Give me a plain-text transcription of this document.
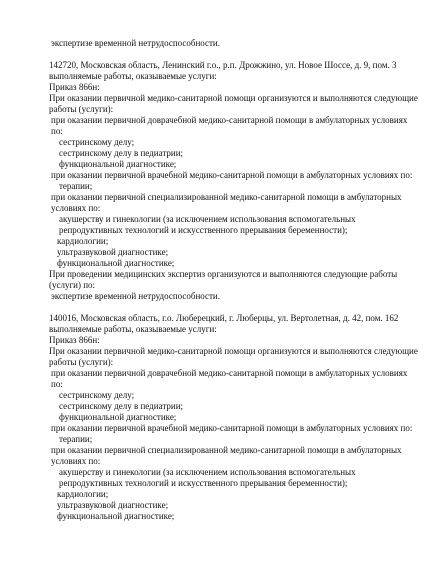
экспертизе временной нетрудоспособности.
142720, Московская область, Ленинский г.о., р.п. Дрожжино, ул. Новое Шоссе, д. 9, пом. 3
выполняемые работы, оказываемые услуги:
Приказ 866н:
При оказании первичной медико-санитарной помощи организуются и выполняются следующие работы (услуги):
при оказании первичной доврачебной медико-санитарной помощи в амбулаторных условиях по:
сестринскому делу;
сестринскому делу в педиатрии;
функциональной диагностике;
при оказании первичной врачебной медико-санитарной помощи в амбулаторных условиях по:
терапии;
при оказании первичной специализированной медико-санитарной помощи в амбулаторных условиях по:
акушерству и гинекологии (за исключением использования вспомогательных репродуктивных технологий и искусственного прерывания беременности);
кардиологии;
ультразвуковой диагностике;
функциональной диагностике;
При проведении медицинских экспертиз организуются и выполняются следующие работы (услуги) по:
экспертизе временной нетрудоспособности.
140016, Московская область, г.о. Люберецкий, г. Люберцы, ул. Вертолетная, д. 42, пом. 162
выполняемые работы, оказываемые услуги:
Приказ 866н:
При оказании первичной медико-санитарной помощи организуются и выполняются следующие работы (услуги):
при оказании первичной доврачебной медико-санитарной помощи в амбулаторных условиях по:
сестринскому делу;
сестринскому делу в педиатрии;
функциональной диагностике;
при оказании первичной врачебной медико-санитарной помощи в амбулаторных условиях по:
терапии;
при оказании первичной специализированной медико-санитарной помощи в амбулаторных условиях по:
акушерству и гинекологии (за исключением использования вспомогательных репродуктивных технологий и искусственного прерывания беременности);
кардиологии;
ультразвуковой диагностике;
функциональной диагностике;
